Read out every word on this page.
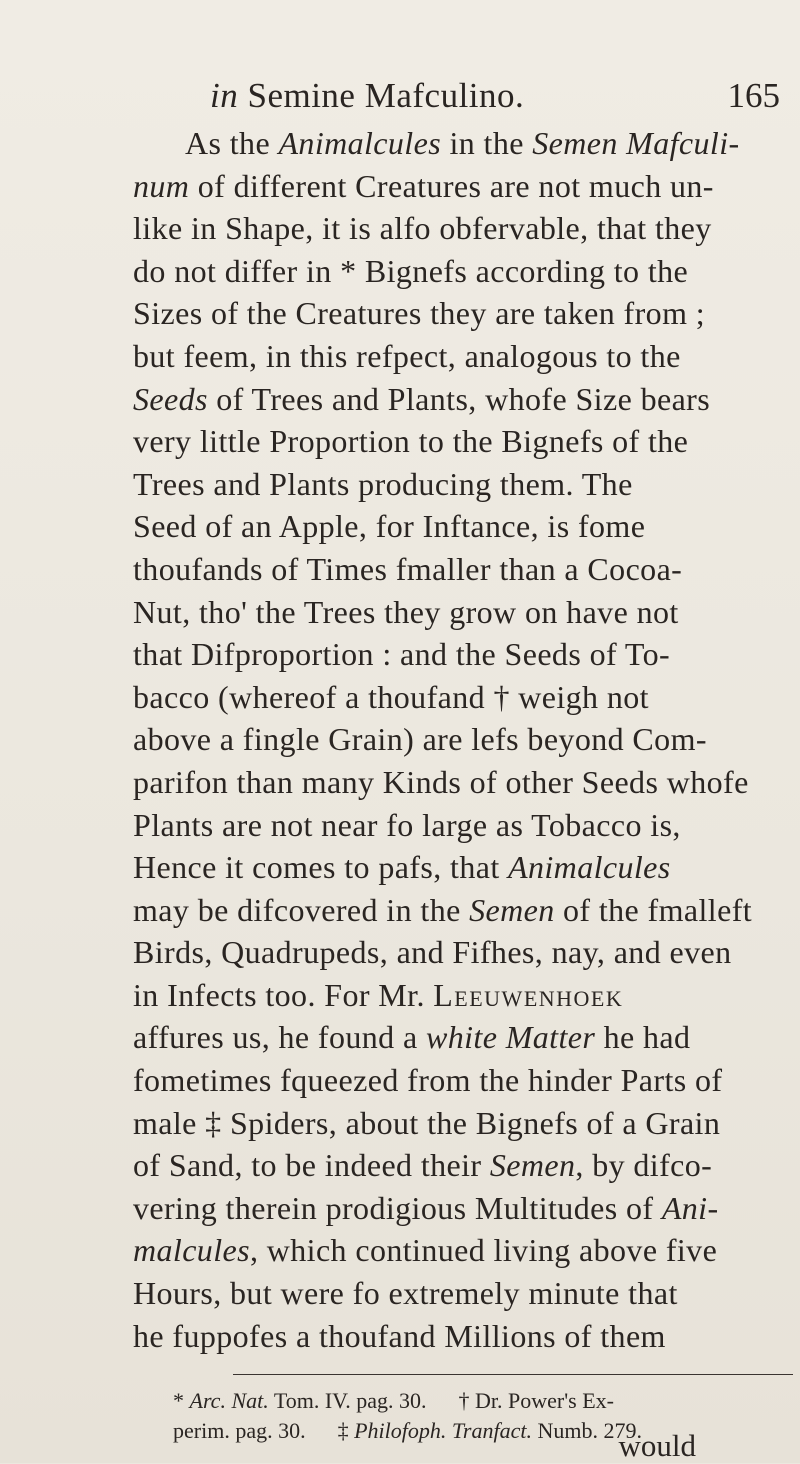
in Semine Mafculino.	165
As the Animalcules in the Semen Mafculi-
num of different Creatures are not much un-
like in Shape, it is alfo obfervable, that they
do not differ in * Bignefs according to the
Sizes of the Creatures they are taken from ;
but feem, in this refpect, analogous to the
Seeds of Trees and Plants, whofe Size bears
very little Proportion to the Bignefs of the
Trees and Plants producing them. The
Seed of an Apple, for Inftance, is fome
thoufands of Times fmaller than a Cocoa-
Nut, tho' the Trees they grow on have not
that Difproportion : and the Seeds of To-
bacco (whereof a thoufand † weigh not
above a fingle Grain) are lefs beyond Com-
parifon than many Kinds of other Seeds whofe
Plants are not near fo large as Tobacco is,
Hence it comes to pafs, that Animalcules
may be difcovered in the Semen of the fmalleft
Birds, Quadrupeds, and Fifhes, nay, and even
in Infects too. For Mr. Leeuwenhoek
affures us, he found a white Matter he had
fometimes fqueezed from the hinder Parts of
male ‡ Spiders, about the Bignefs of a Grain
of Sand, to be indeed their Semen, by difco-
vering therein prodigious Multitudes of Ani-
malcules, which continued living above five
Hours, but were fo extremely minute that
he fuppofes a thoufand Millions of them
* Arc. Nat. Tom. IV. pag. 30. † Dr. Power's Ex-
perim. pag. 30. ‡ Philofoph. Tranfact. Numb. 279.
would
